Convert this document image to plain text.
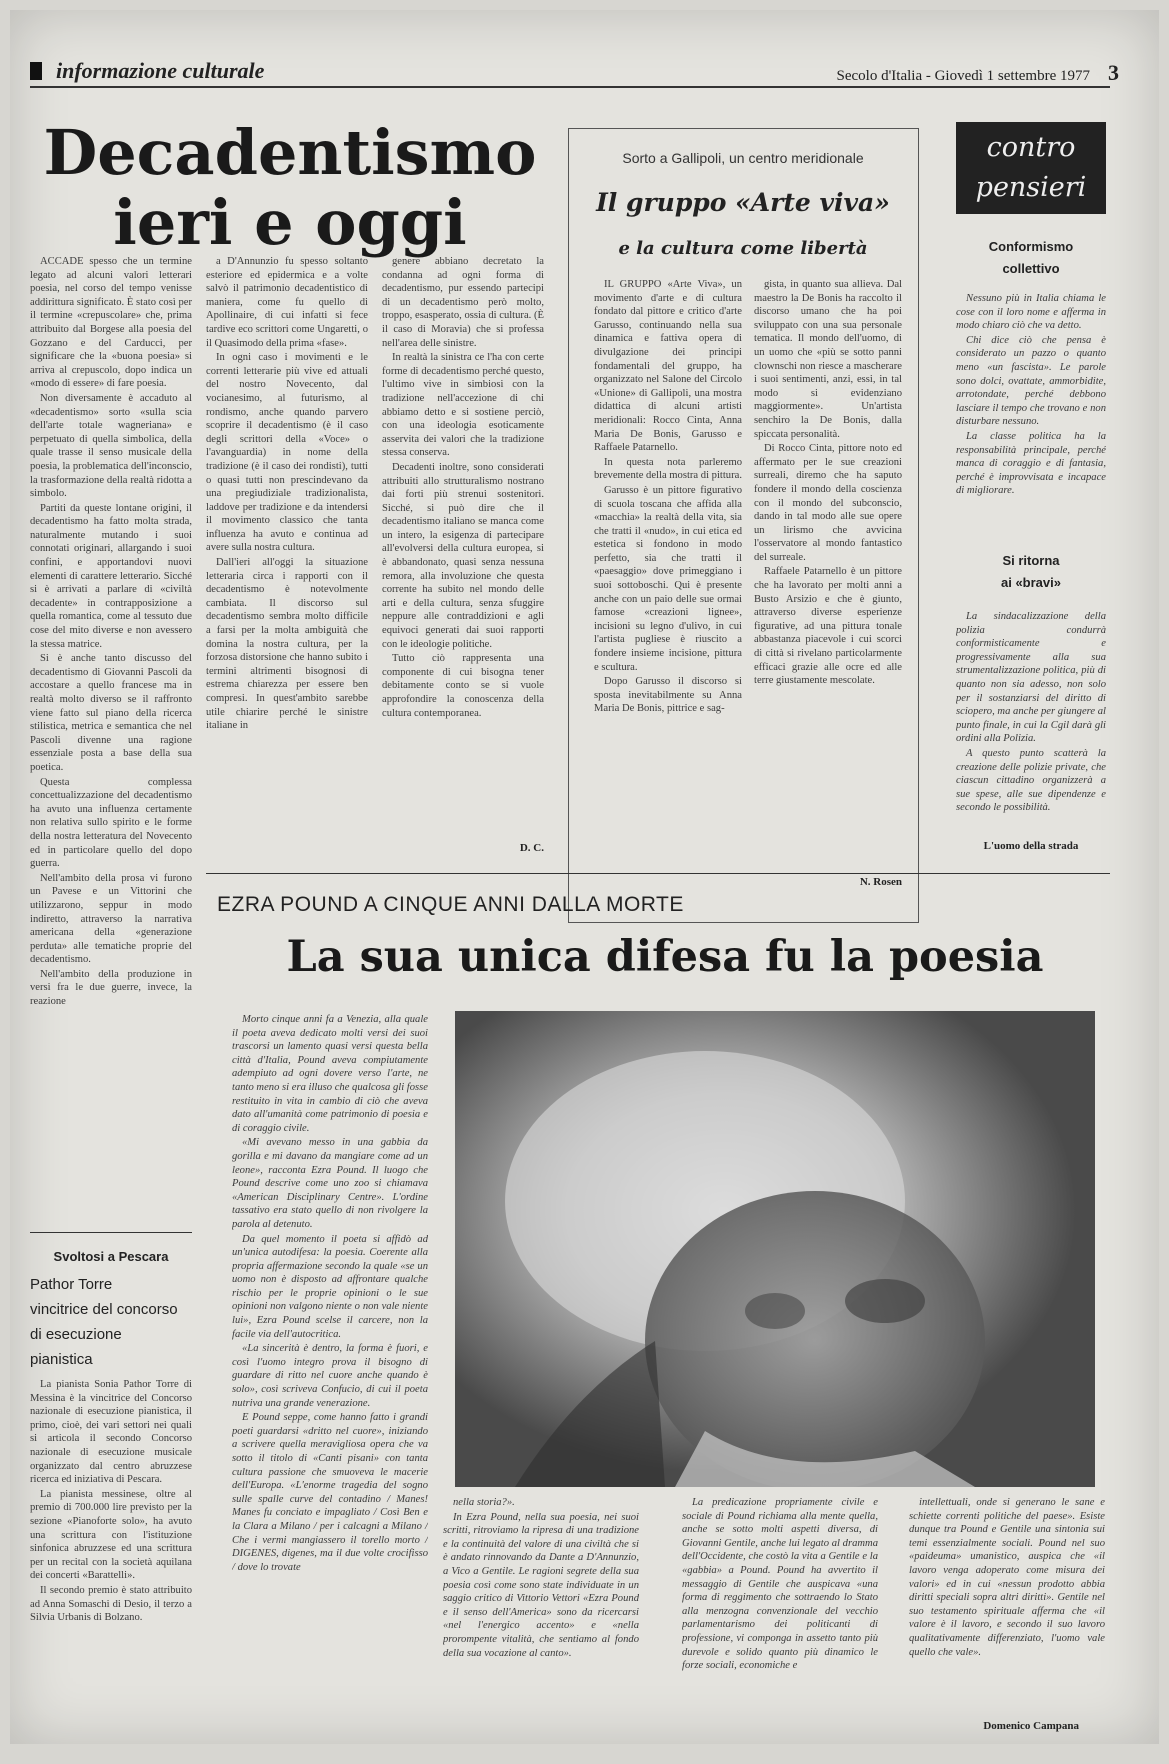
informazione culturale	Secolo d'Italia - Giovedì 1 settembre 1977 3
Decadentismo
ieri e oggi

ACCADE spesso che un termine legato ad alcuni valori letterari poesia, nel corso del tempo venisse addirittura significato. È stato così per il termine «crepuscolare» che, prima attribuito dal Borgese alla poesia del Gozzano e del Carducci, per significare che la «buona poesia» si arriva al crepuscolo, dopo indica un «modo di essere» di fare poesia.

Non diversamente è accaduto al «decadentismo» sorto «sulla scia dell'arte totale wagneriana» e perpetuato di quella simbolica, della quale trasse il senso musicale della poesia, la problematica dell'inconscio, la trasformazione della realtà ridotta a simbolo.

Partiti da queste lontane origini, il decadentismo ha fatto molta strada, naturalmente mutando i suoi connotati originari, allargando i suoi confini, e apportandovi nuovi elementi di carattere letterario. Sicché si è arrivati a parlare di «civiltà decadente» in contrapposizione a quella romantica, come al tessuto due cose del mito diverse e non avessero la stessa matrice.

Si è anche tanto discusso del decadentismo di Giovanni Pascoli da accostare a quello francese ma in realtà molto diverso se il raffronto viene fatto sul piano della ricerca stilistica, metrica e semantica che nel Pascoli divenne una ragione essenziale posta a base della sua poetica.

Questa complessa concettualizzazione del decadentismo ha avuto una influenza certamente non relativa sullo spirito e le forme della nostra letteratura del Novecento ed in particolare quello del dopo guerra.

Nell'ambito della prosa vi furono un Pavese e un Vittorini che utilizzarono, seppur in modo indiretto, attraverso la narrativa americana della «generazione perduta» alle tematiche proprie del decadentismo.

Nell'ambito della produzione in versi fra le due guerre, invece, la reazione

a D'Annunzio fu spesso soltanto esteriore ed epidermica e a volte salvò il patrimonio decadentistico di maniera, come fu quello di Apollinaire, di cui infatti si fece tardive eco scrittori come Ungaretti, o il Quasimodo della prima «fase».

In ogni caso i movimenti e le correnti letterarie più vive ed attuali del nostro Novecento, dal vocianesimo, al futurismo, al rondismo, anche quando parvero scoprire il decadentismo (è il caso degli scrittori della «Voce» o l'avanguardia) in nome della tradizione (è il caso dei rondisti), tutti o quasi tutti non prescindevano da una pregiudiziale tradizionalista, laddove per tradizione e da intendersi il movimento classico che tanta influenza ha avuto e continua ad avere sulla nostra cultura.

Dall'ieri all'oggi la situazione letteraria circa i rapporti con il decadentismo è notevolmente cambiata. Il discorso sul decadentismo sembra molto difficile a farsi per la molta ambiguità che domina la nostra cultura, per la forzosa distorsione che hanno subito i termini altrimenti bisognosi di estrema chiarezza per essere ben compresi. In quest'ambito sarebbe utile chiarire perché le sinistre italiane in

genere abbiano decretato la condanna ad ogni forma di decadentismo, pur essendo partecipi di un decadentismo però molto, troppo, esasperato, ossia di cultura. (È il caso di Moravia) che si professa nell'area delle sinistre.

In realtà la sinistra ce l'ha con certe forme di decadentismo perché questo, l'ultimo vive in simbiosi con la tradizione nell'accezione di chi abbiamo detto e si sostiene perciò, con una ideologia esoticamente asservita dei valori che la tradizione stessa conserva.

Decadenti inoltre, sono considerati attribuiti allo strutturalismo nostrano dai forti più strenui sostenitori. Sicché, si può dire che il decadentismo italiano se manca come un intero, la esigenza di partecipare all'evolversi della cultura europea, si è abbandonato, quasi senza nessuna remora, alla involuzione che questa corrente ha subito nel mondo delle arti e della cultura, senza sfuggire neppure alle contraddizioni e agli equivoci generati dai suoi rapporti con le ideologie politiche.

Tutto ciò rappresenta una componente di cui bisogna tener debitamente conto se si vuole approfondire la conoscenza della cultura contemporanea.

D. C.
Sorto a Gallipoli, un centro meridionale
Il gruppo «Arte viva»
e la cultura come libertà

IL GRUPPO «Arte Viva», un movimento d'arte e di cultura fondato dal pittore e critico d'arte Garusso, continuando nella sua dinamica e fattiva opera di divulgazione dei principi fondamentali del gruppo, ha organizzato nel Salone del Circolo «Unione» di Gallipoli, una mostra didattica di alcuni artisti meridionali: Rocco Cinta, Anna Maria De Bonis, Garusso e Raffaele Patarnello.

In questa nota parleremo brevemente della mostra di pittura.

Garusso è un pittore figurativo di scuola toscana che affida alla «macchia» la realtà della vita, sia che tratti il «nudo», in cui etica ed estetica si fondono in modo perfetto, sia che tratti il «paesaggio» dove primeggiano i suoi sottoboschi. Qui è presente anche con un paio delle sue ormai famose «creazioni lignee», incisioni su legno d'ulivo, in cui l'artista pugliese è riuscito a fondere insieme incisione, pittura e scultura.

Dopo Garusso il discorso si sposta inevitabilmente su Anna Maria De Bonis, pittrice e sag-

gista, in quanto sua allieva. Dal maestro la De Bonis ha raccolto il discorso umano che ha poi sviluppato con una sua personale tematica. Il mondo dell'uomo, di un uomo che «più se sotto panni clownschi non riesce a mascherare i suoi sentimenti, anzi, essi, in tal modo si evidenziano maggiormente». Un'artista senchiro la De Bonis, dalla spiccata personalità.

Di Rocco Cinta, pittore noto ed affermato per le sue creazioni surreali, diremo che ha saputo fondere il mondo della coscienza con il mondo del subconscio, dando in tal modo alle sue opere un lirismo che avvicina l'osservatore al mondo fantastico del surreale.

Raffaele Patarnello è un pittore che ha lavorato per molti anni a Busto Arsizio e che è giunto, attraverso diverse esperienze figurative, ad una pittura tonale abbastanza piacevole i cui scorci di città si rivelano particolarmente efficaci grazie alle ocre ed alle terre giustamente mescolate.

N. Rosen
contro
pensieri
Conformismo
collettivo

Nessuno più in Italia chiama le cose con il loro nome e afferma in modo chiaro ciò che va detto.

Chi dice ciò che pensa è considerato un pazzo o quanto meno «un fascista». Le parole sono dolci, ovattate, ammorbidite, arrotondate, perché debbono lasciare il tempo che trovano e non disturbare nessuno.

La classe politica ha la responsabilità principale, perché manca di coraggio e di fantasia, perché è improvvisata e incapace di migliorare.

Si ritorna
ai «bravi»

La sindacalizzazione della polizia condurrà conformisticamente e progressivamente alla sua strumentalizzazione politica, più di quanto non sia adesso, non solo per il sostanziarsi del diritto di sciopero, ma anche per giungere al punto finale, in cui la Cgil darà gli ordini alla Polizia.

A questo punto scatterà la creazione delle polizie private, che ciascun cittadino organizzerà a sue spese, alle sue dipendenze e secondo le possibilità.

L'uomo della strada
Svoltosi a Pescara
Pathor Torre
vincitrice del concorso
di esecuzione
pianistica

La pianista Sonia Pathor Torre di Messina è la vincitrice del Concorso nazionale di esecuzione pianistica, il primo, cioè, dei vari settori nei quali si articola il secondo Concorso nazionale di esecuzione musicale organizzato dal centro abruzzese ricerca ed iniziativa di Pescara.

La pianista messinese, oltre al premio di 700.000 lire previsto per la sezione «Pianoforte solo», ha avuto una scrittura con l'istituzione sinfonica abruzzese ed una scrittura per un recital con la società aquilana dei concerti «Barattelli».

Il secondo premio è stato attribuito ad Anna Somaschi di Desio, il terzo a Silvia Urbanis di Bolzano.

EZRA POUND A CINQUE ANNI DALLA MORTE
La sua unica difesa fu la poesia

Morto cinque anni fa a Venezia, alla quale il poeta aveva dedicato molti versi dei suoi trascorsi un lamento quasi versi questa bella città d'Italia, Pound aveva compiutamente adempiuto ad ogni dovere verso l'arte, ne tanto meno si era illuso che qualcosa gli fosse restituito in vita in cambio di ciò che aveva dato all'umanità come patrimonio di poesia e di coraggio civile.

«Mi avevano messo in una gabbia da gorilla e mi davano da mangiare come ad un leone», racconta Ezra Pound. Il luogo che Pound descrive come uno zoo si chiamava «American Disciplinary Centre». L'ordine tassativo era stato quello di non rivolgere la parola al detenuto.

Da quel momento il poeta si affidò ad un'unica autodifesa: la poesia. Coerente alla propria affermazione secondo la quale «se un uomo non è disposto ad affrontare qualche rischio per le proprie opinioni o le sue opinioni non valgono niente o non vale niente lui», Ezra Pound scelse il carcere, non la facile via dell'autocritica.

«La sincerità è dentro, la forma è fuori, e così l'uomo integro prova il bisogno di guardare di ritto nel cuore anche quando è solo», così scriveva Confucio, di cui il poeta nutriva una grande venerazione.

E Pound seppe, come hanno fatto i grandi poeti guardarsi «dritto nel cuore», iniziando a scrivere quella meravigliosa opera che va sotto il titolo di «Canti pisani» con tanta cultura passione che smuoveva le macerie dell'Europa. «L'enorme tragedia del sogno sulle spalle curve del contadino / Manes! Manes fu conciato e impagliato / Così Ben e la Clara a Milano / per i calcagni a Milano / Che i vermi mangiassero il torello morto / DIGENES, digenes, ma il due volte crocifisso / dove lo trovate

nella storia?».

In Ezra Pound, nella sua poesia, nei suoi scritti, ritroviamo la ripresa di una tradizione e la continuità del valore di una civiltà che si è andato rinnovando da Dante a D'Annunzio, a Vico a Gentile. Le ragioni segrete della sua poesia così come sono state individuate in un saggio critico di Vittorio Vettori «Ezra Pound e il senso dell'America» sono da ricercarsi «nel l'energico accento» e «nella prorompente vitalità, che sentiamo al fondo della sua vocazione al canto».

La predicazione propriamente civile e sociale di Pound richiama alla mente quella, anche se sotto molti aspetti diversa, di Giovanni Gentile, anche lui legato al dramma dell'Occidente, che costò la vita a Gentile e la «gabbia» a Pound. Pound ha avvertito il messaggio di Gentile che auspicava «una forma di reggimento che sottraendo lo Stato alla menzogna convenzionale del vecchio parlamentarismo dei politicanti di professione, vi componga in assetto tanto più durevole e solido quanto più dinamico le forze sociali, economiche e

intellettuali, onde si generano le sane e schiette correnti politiche del paese». Esiste dunque tra Pound e Gentile una sintonia sui temi essenzialmente sociali. Pound nel suo «paideuma» umanistico, auspica che «il lavoro venga adoperato come misura dei valori» ed in cui «nessun prodotto abbia diritti speciali sopra altri diritti». Gentile nel suo testamento spirituale afferma che «il valore è il lavoro, e secondo il suo lavoro qualitativamente differenziato, l'uomo vale quello che vale».

Domenico Campana
